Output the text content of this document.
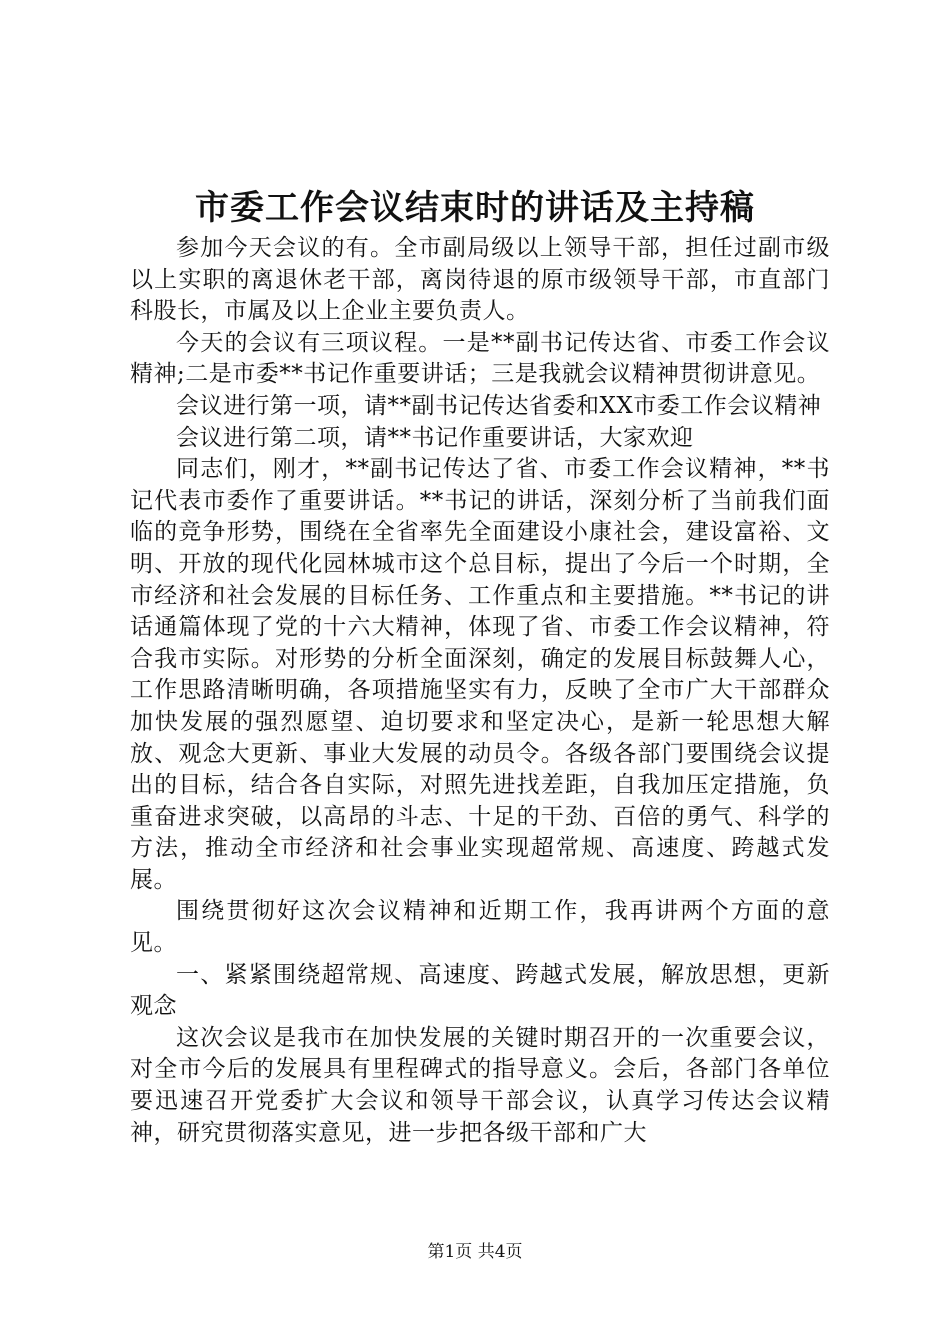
市委工作会议结束时的讲话及主持稿

参加今天会议的有。全市副局级以上领导干部，担任过副市级以上实职的离退休老干部，离岗待退的原市级领导干部，市直部门科股长，市属及以上企业主要负责人。

今天的会议有三项议程。一是**副书记传达省、市委工作会议精神;二是市委**书记作重要讲话；三是我就会议精神贯彻讲意见。

会议进行第一项，请**副书记传达省委和XX市委工作会议精神

会议进行第二项，请**书记作重要讲话，大家欢迎

同志们，刚才，**副书记传达了省、市委工作会议精神，**书记代表市委作了重要讲话。**书记的讲话，深刻分析了当前我们面临的竞争形势，围绕在全省率先全面建设小康社会，建设富裕、文明、开放的现代化园林城市这个总目标，提出了今后一个时期，全市经济和社会发展的目标任务、工作重点和主要措施。**书记的讲话通篇体现了党的十六大精神，体现了省、市委工作会议精神，符合我市实际。对形势的分析全面深刻，确定的发展目标鼓舞人心，工作思路清晰明确，各项措施坚实有力，反映了全市广大干部群众加快发展的强烈愿望、迫切要求和坚定决心，是新一轮思想大解放、观念大更新、事业大发展的动员令。各级各部门要围绕会议提出的目标，结合各自实际，对照先进找差距，自我加压定措施，负重奋进求突破，以高昂的斗志、十足的干劲、百倍的勇气、科学的方法，推动全市经济和社会事业实现超常规、高速度、跨越式发展。

围绕贯彻好这次会议精神和近期工作，我再讲两个方面的意见。

一、紧紧围绕超常规、高速度、跨越式发展，解放思想，更新观念

这次会议是我市在加快发展的关键时期召开的一次重要会议，对全市今后的发展具有里程碑式的指导意义。会后，各部门各单位要迅速召开党委扩大会议和领导干部会议，认真学习传达会议精神，研究贯彻落实意见，进一步把各级干部和广大

第1页 共4页
